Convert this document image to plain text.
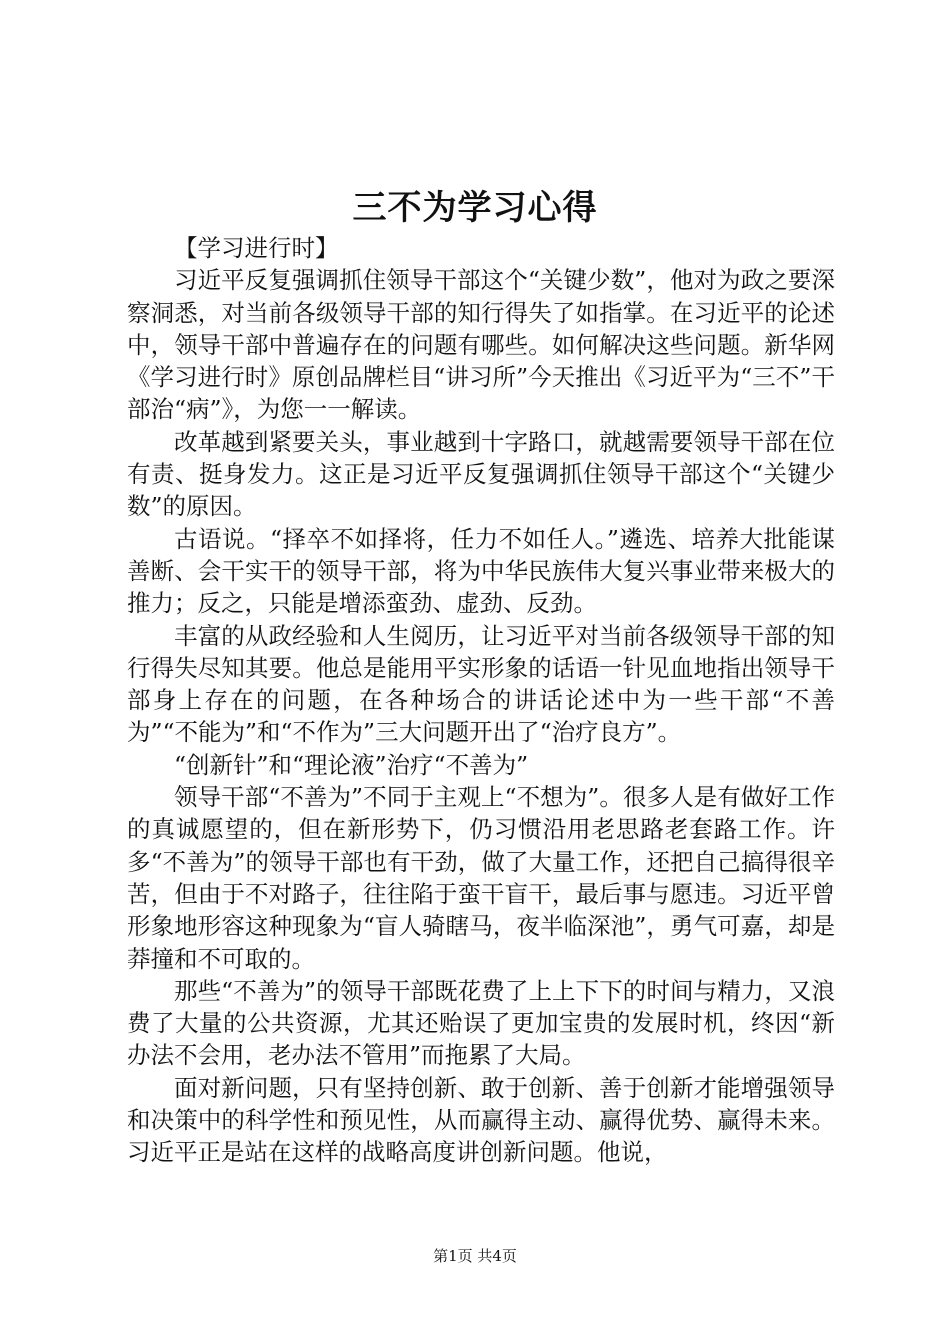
三不为学习心得

【学习进行时】

习近平反复强调抓住领导干部这个“关键少数”，他对为政之要深察洞悉，对当前各级领导干部的知行得失了如指掌。在习近平的论述中，领导干部中普遍存在的问题有哪些。如何解决这些问题。新华网《学习进行时》原创品牌栏目“讲习所”今天推出《习近平为“三不”干部治“病”》，为您一一解读。

改革越到紧要关头，事业越到十字路口，就越需要领导干部在位有责、挺身发力。这正是习近平反复强调抓住领导干部这个“关键少数”的原因。

古语说。“择卒不如择将，任力不如任人。”遴选、培养大批能谋善断、会干实干的领导干部，将为中华民族伟大复兴事业带来极大的推力；反之，只能是增添蛮劲、虚劲、反劲。

丰富的从政经验和人生阅历，让习近平对当前各级领导干部的知行得失尽知其要。他总是能用平实形象的话语一针见血地指出领导干部身上存在的问题，在各种场合的讲话论述中为一些干部“不善为”“不能为”和“不作为”三大问题开出了“治疗良方”。

“创新针”和“理论液”治疗“不善为”

领导干部“不善为”不同于主观上“不想为”。很多人是有做好工作的真诚愿望的，但在新形势下，仍习惯沿用老思路老套路工作。许多“不善为”的领导干部也有干劲，做了大量工作，还把自己搞得很辛苦，但由于不对路子，往往陷于蛮干盲干，最后事与愿违。习近平曾形象地形容这种现象为“盲人骑瞎马，夜半临深池”，勇气可嘉，却是莽撞和不可取的。

那些“不善为”的领导干部既花费了上上下下的时间与精力，又浪费了大量的公共资源，尤其还贻误了更加宝贵的发展时机，终因“新办法不会用，老办法不管用”而拖累了大局。

面对新问题，只有坚持创新、敢于创新、善于创新才能增强领导和决策中的科学性和预见性，从而赢得主动、赢得优势、赢得未来。习近平正是站在这样的战略高度讲创新问题。他说，

第1页 共4页
